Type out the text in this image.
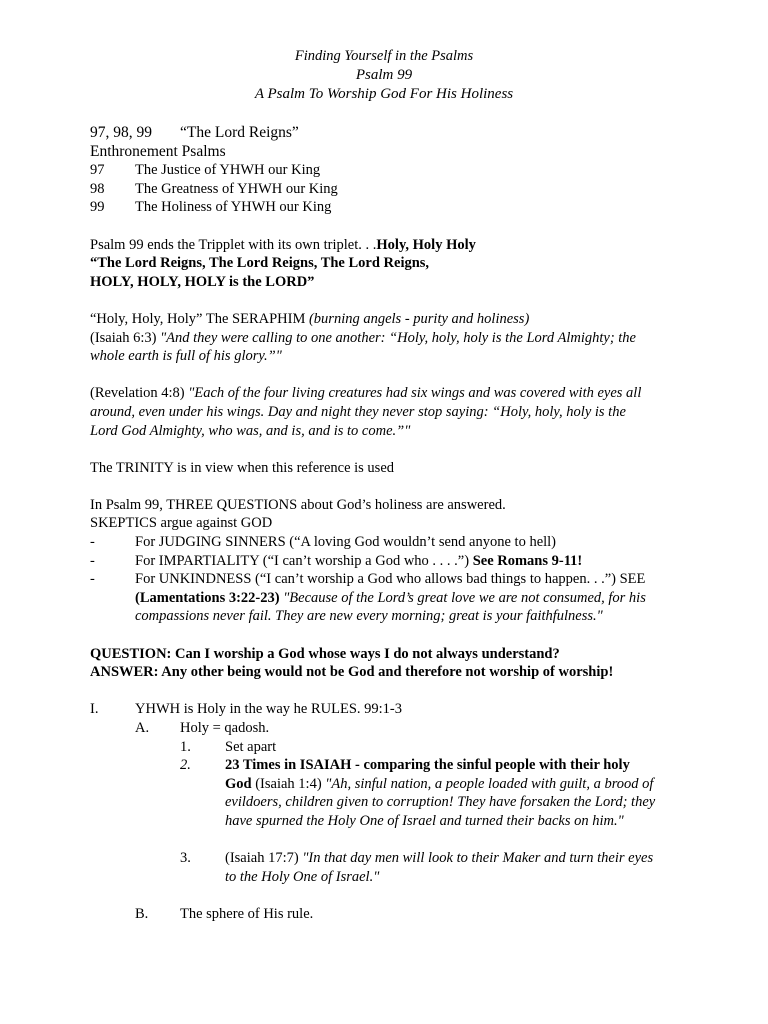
Finding Yourself in the Psalms
Psalm 99
A Psalm To Worship God For His Holiness
97, 98, 99 “The Lord Reigns”
Enthronement Psalms
97 The Justice of YHWH our King
98 The Greatness of YHWH our King
99 The Holiness of YHWH our King
Psalm 99 ends the Tripplet with its own triplet. . .Holy, Holy Holy
“The Lord Reigns, The Lord Reigns, The Lord Reigns,
HOLY, HOLY, HOLY is the LORD”
“Holy, Holy, Holy” The SERAPHIM (burning angels - purity and holiness)
(Isaiah 6:3) "And they were calling to one another: “Holy, holy, holy is the Lord Almighty; the
whole earth is full of his glory.”"
(Revelation 4:8) "Each of the four living creatures had six wings and was covered with eyes all
around, even under his wings. Day and night they never stop saying: “Holy, holy, holy is the
Lord God Almighty, who was, and is, and is to come.”"
The TRINITY is in view when this reference is used
In Psalm 99, THREE QUESTIONS about God’s holiness are answered.
SKEPTICS argue against GOD
-	For JUDGING SINNERS (“A loving God wouldn’t send anyone to hell)
-	For IMPARTIALITY (“I can’t worship a God who . . . .”) See Romans 9-11!
-	For UNKINDNESS (“I can’t worship a God who allows bad things to happen. . .”) SEE
(Lamentations 3:22-23) "Because of the Lord’s great love we are not consumed, for his
compassions never fail. They are new every morning; great is your faithfulness."
QUESTION: Can I worship a God whose ways I do not always understand?
ANSWER: Any other being would not be God and therefore not worship of worship!
I.	YHWH is Holy in the way he RULES. 99:1-3
A. Holy = qadosh.
1. Set apart
2. 23 Times in ISAIAH - comparing the sinful people with their holy
God (Isaiah 1:4) "Ah, sinful nation, a people loaded with guilt, a brood of
evildoers, children given to corruption! They have forsaken the Lord; they
have spurned the Holy One of Israel and turned their backs on him."
3. (Isaiah 17:7) "In that day men will look to their Maker and turn their eyes
to the Holy One of Israel."
B. The sphere of His rule.
